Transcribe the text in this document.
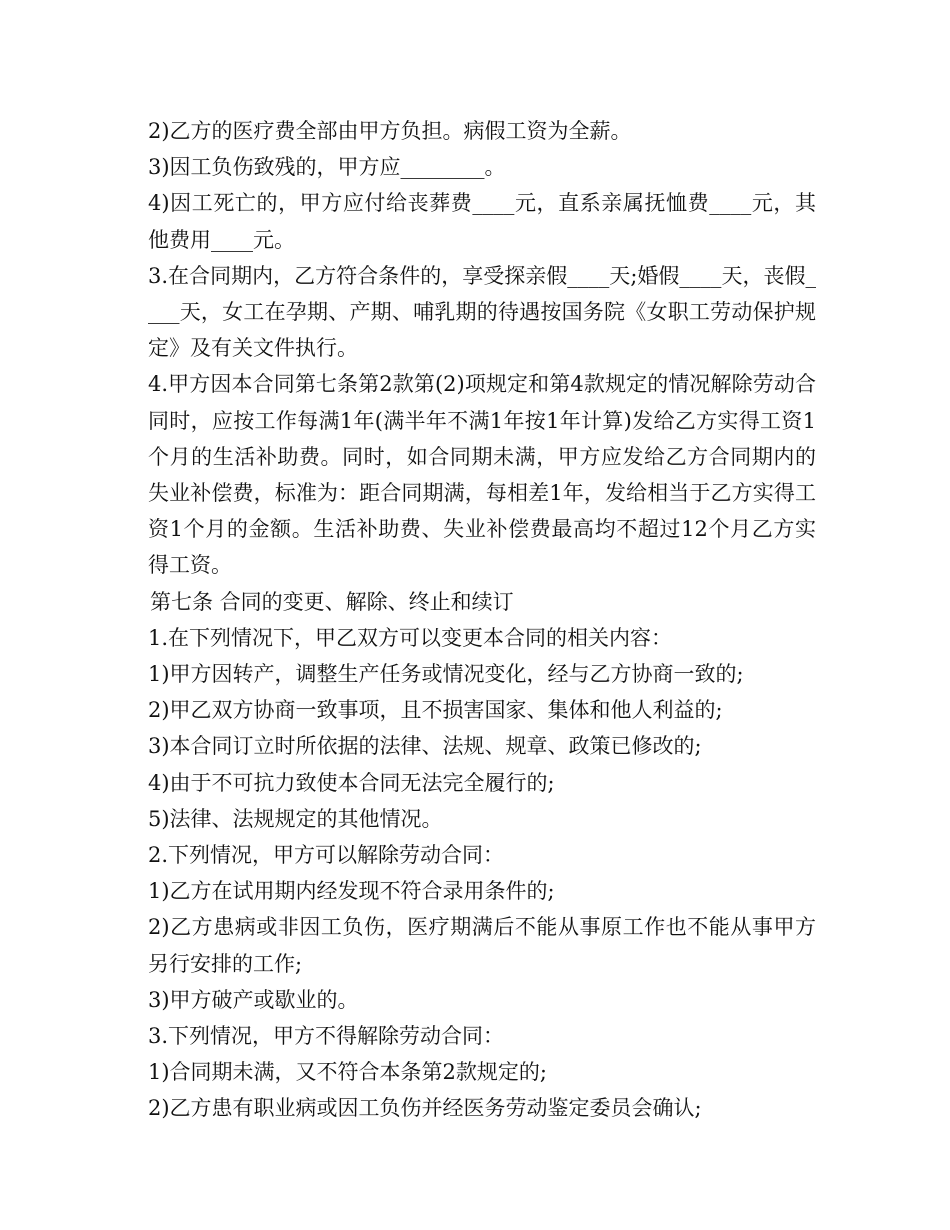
2)乙方的医疗费全部由甲方负担。病假工资为全薪。

3)因工负伤致残的，甲方应________。

4)因工死亡的，甲方应付给丧葬费____元，直系亲属抚恤费____元，其他费用____元。

3.在合同期内，乙方符合条件的，享受探亲假____天;婚假____天，丧假____天，女工在孕期、产期、哺乳期的待遇按国务院《女职工劳动保护规定》及有关文件执行。

4.甲方因本合同第七条第2款第(2)项规定和第4款规定的情况解除劳动合同时，应按工作每满1年(满半年不满1年按1年计算)发给乙方实得工资1个月的生活补助费。同时，如合同期未满，甲方应发给乙方合同期内的失业补偿费，标准为：距合同期满，每相差1年，发给相当于乙方实得工资1个月的金额。生活补助费、失业补偿费最高均不超过12个月乙方实得工资。

第七条 合同的变更、解除、终止和续订

1.在下列情况下，甲乙双方可以变更本合同的相关内容：

1)甲方因转产，调整生产任务或情况变化，经与乙方协商一致的;

2)甲乙双方协商一致事项，且不损害国家、集体和他人利益的;

3)本合同订立时所依据的法律、法规、规章、政策已修改的;

4)由于不可抗力致使本合同无法完全履行的;

5)法律、法规规定的其他情况。

2.下列情况，甲方可以解除劳动合同：

1)乙方在试用期内经发现不符合录用条件的;

2)乙方患病或非因工负伤，医疗期满后不能从事原工作也不能从事甲方另行安排的工作;

3)甲方破产或歇业的。

3.下列情况，甲方不得解除劳动合同：

1)合同期未满，又不符合本条第2款规定的;

2)乙方患有职业病或因工负伤并经医务劳动鉴定委员会确认;
